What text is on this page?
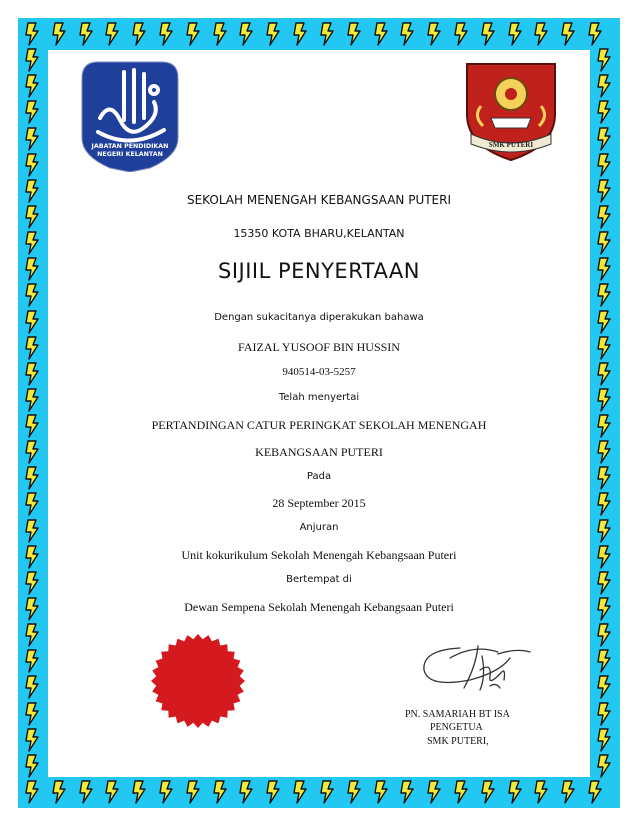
JABATAN PENDIDIKAN
NEGERI KELANTAN
SMK PUTERI
SEKOLAH MENENGAH KEBANGSAAN PUTERI
15350 KOTA BHARU,KELANTAN
SIJIIL PENYERTAAN
Dengan sukacitanya diperakukan bahawa
FAIZAL YUSOOF BIN HUSSIN
940514-03-5257
Telah menyertai
PERTANDINGAN CATUR PERINGKAT SEKOLAH MENENGAH
KEBANGSAAN PUTERI
Pada
28 September 2015
Anjuran
Unit kokurikulum Sekolah Menengah Kebangsaan Puteri
Bertempat di
Dewan Sempena Sekolah Menengah Kebangsaan Puteri
PN. SAMARIAH BT ISA
PENGETUA
SMK PUTERI,
